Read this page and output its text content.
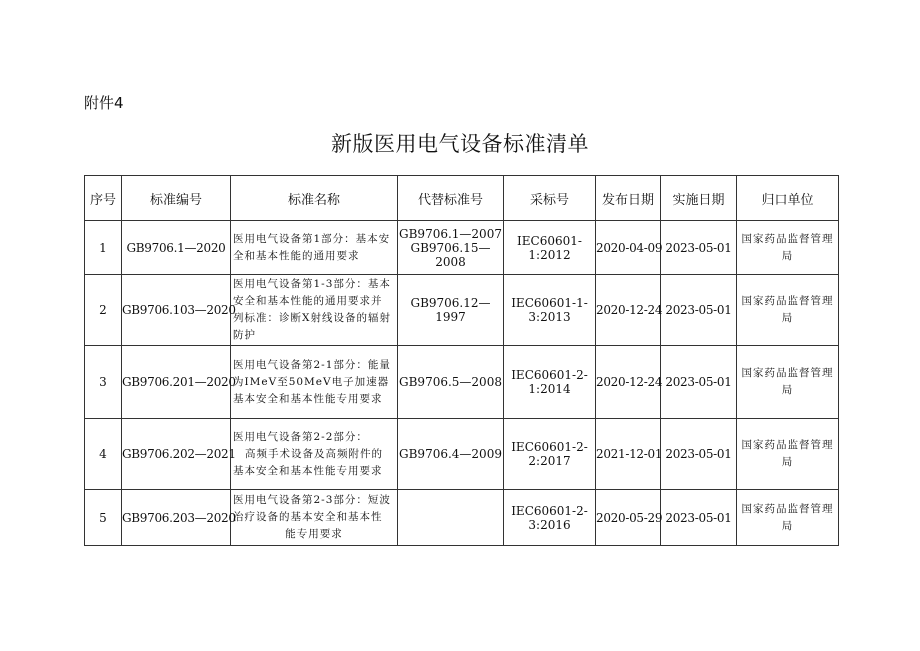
附件4
新版医用电气设备标准清单
序号	标准编号	标准名称	代替标准号	采标号	发布日期	实施日期	归口单位
1	GB9706.1—2020	医用电气设备第1部分：基本安
全和基本性能的通用要求	GB9706.1—2007
GB9706.15—2008	IEC60601-
1:2012	2020-04-09	2023-05-01	国家药品监督管理
局

2	GB9706.103—2020	医用电气设备第1-3部分：基本
安全和基本性能的通用要求并
列标准：诊断X射线设备的辐射
防护	GB9706.12—1997	IEC60601-1-
3:2013	2020-12-24	2023-05-01	国家药品监督管理
局

3	GB9706.201—2020	医用电气设备第2-1部分：能量
为IMeV至50MeV电子加速器
基本安全和基本性能专用要求	GB9706.5—2008	IEC60601-2-
1:2014	2020-12-24	2023-05-01	国家药品监督管理
局

4	GB9706.202—2021	医用电气设备第2-2部分：
高频手术设备及高频附件的
基本安全和基本性能专用要求	GB9706.4—2009	IEC60601-2-
2:2017	2021-12-01	2023-05-01	国家药品监督管理
局

5	GB9706.203—2020	医用电气设备第2-3部分：短波
治疗设备的基本安全和基本性
能专用要求		IEC60601-2-
3:2016	2020-05-29	2023-05-01	国家药品监督管理
局
